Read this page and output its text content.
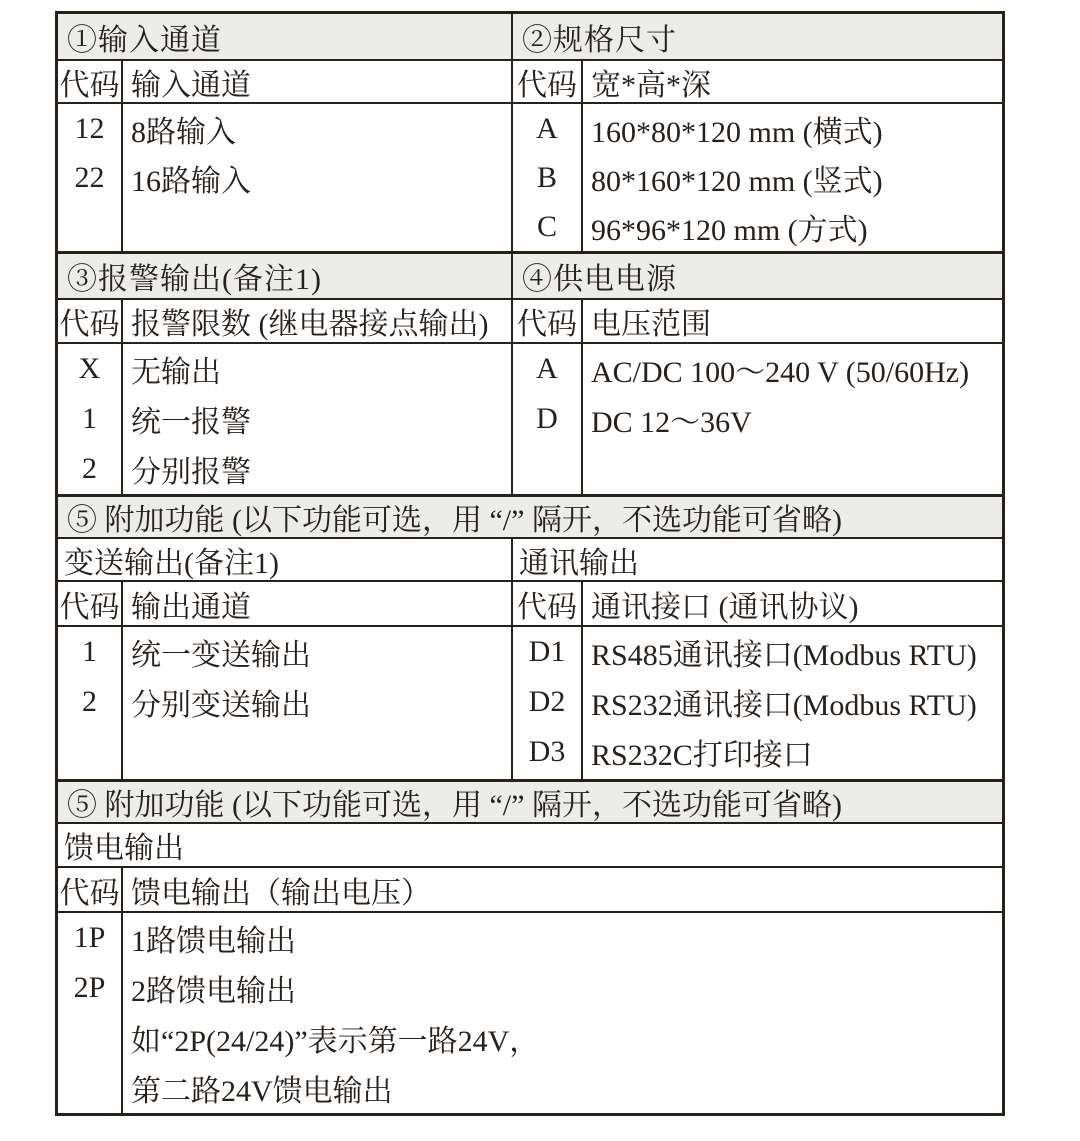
①输入通道
代码 输入通道
12
22
8路输入
16路输入
②规格尺寸
代码 宽*高*深
A
B
C
160*80*120 mm (横式)
80*160*120 mm (竖式)
96*96*120 mm (方式)
③报警输出(备注1)
代码 报警限数 (继电器接点输出)
X
1
2
无输出
统一报警
分别报警
④供电电源
代码 电压范围
A
D
AC/DC 100～240 V (50/60Hz)
DC 12～36V
⑤ 附加功能 (以下功能可选，用 “/” 隔开，不选功能可省略)
变送输出(备注1)
代码 输出通道
1
2
统一变送输出
分别变送输出
通讯输出
代码 通讯接口 (通讯协议)
D1
D2
D3
RS485通讯接口(Modbus RTU)
RS232通讯接口(Modbus RTU)
RS232C打印接口
⑤ 附加功能 (以下功能可选，用 “/” 隔开，不选功能可省略)
馈电输出
代码 馈电输出（输出电压）
1P
2P
1路馈电输出
2路馈电输出
如“2P(24/24)”表示第一路24V，
第二路24V馈电输出
